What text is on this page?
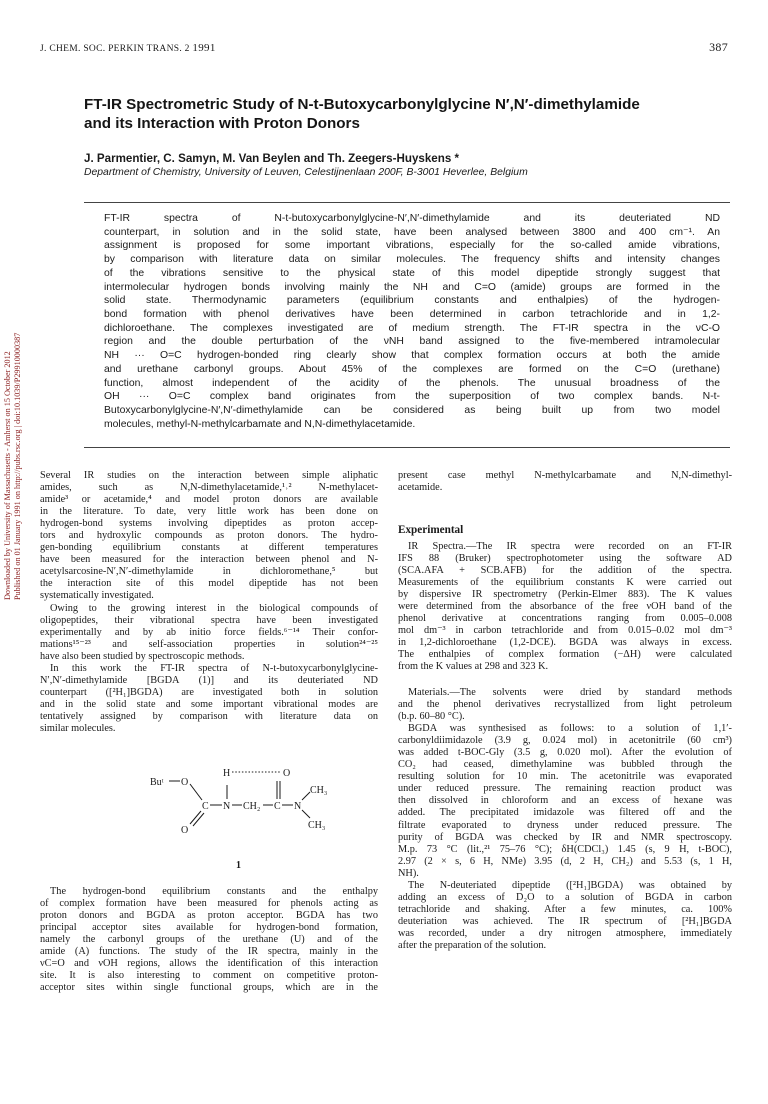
J. CHEM. SOC. PERKIN TRANS. 2 1991	387
FT-IR Spectrometric Study of N-t-Butoxycarbonylglycine N′,N′-dimethylamide
and its Interaction with Proton Donors
J. Parmentier, C. Samyn, M. Van Beylen and Th. Zeegers-Huyskens *
Department of Chemistry, University of Leuven, Celestijnenlaan 200F, B-3001 Heverlee, Belgium
FT-IR spectra of N-t-butoxycarbonylglycine-N′,N′-dimethylamide and its deuteriated ND
counterpart, in solution and in the solid state, have been analysed between 3800 and 400 cm⁻¹. An
assignment is proposed for some important vibrations, especially for the so-called amide vibrations,
by comparison with literature data on similar molecules. The frequency shifts and intensity changes
of the vibrations sensitive to the physical state of this model dipeptide strongly suggest that
intermolecular hydrogen bonds involving mainly the NH and C=O (amide) groups are formed in the
solid state. Thermodynamic parameters (equilibrium constants and enthalpies) of the hydrogen-
bond formation with phenol derivatives have been determined in carbon tetrachloride and in 1,2-
dichloroethane. The complexes investigated are of medium strength. The FT-IR spectra in the νC-O
region and the double perturbation of the νNH band assigned to the five-membered intramolecular
NH ··· O=C hydrogen-bonded ring clearly show that complex formation occurs at both the amide
and urethane carbonyl groups. About 45% of the complexes are formed on the C=O (urethane)
function, almost independent of the acidity of the phenols. The unusual broadness of the
OH ··· O=C complex band originates from the superposition of two complex bands. N-t-
Butoxycarbonylglycine-N′,N′-dimethylamide can be considered as being built up from two model
molecules, methyl-N-methylcarbamate and N,N-dimethylacetamide.
Downloaded by University of Massachusetts - Amherst on 15 October 2012 Published on 01 January 1991 on http://pubs.rsc.org | doi:10.1039/P29910000387 Several IR studies on the interaction between simple aliphatic
amides, such as N,N-dimethylacetamide,¹˒² N-methylacet-
amide³ or acetamide,⁴ and model proton donors are available
in the literature. To date, very little work has been done on
hydrogen-bond systems involving dipeptides as proton accep-
tors and hydroxylic compounds as proton donors. The hydro-
gen-bonding equilibrium constants at different temperatures
have been measured for the interaction between phenol and N-
acetylsarcosine-N′,N′-dimethylamide in dichloromethane,⁵ but
the interaction site of this model dipeptide has not been
systematically investigated.
Owing to the growing interest in the biological compounds of
oligopeptides, their vibrational spectra have been investigated
experimentally and by ab initio force fields.⁶⁻¹⁴ Their confor-
mations¹⁵⁻²³ and self-association properties in solution²⁴⁻²⁵
have also been studied by spectroscopic methods.
In this work the FT-IR spectra of N-t-butoxycarbonylglycine-
N′,N′-dimethylamide [BGDA (1)] and its deuteriated ND
counterpart ([²H₁]BGDA) are investigated both in solution
and in the solid state and some important vibrational modes are
tentatively assigned by comparison with literature data on
similar molecules.
Buᵗ O
C
O
N
H
CH₂ C
O
N
CH₃
CH₃
1
The hydrogen-bond equilibrium constants and the enthalpy
of complex formation have been measured for phenols acting as
proton donors and BGDA as proton acceptor. BGDA has two
principal acceptor sites available for hydrogen-bond formation,
namely the carbonyl groups of the urethane (U) and of the
amide (A) functions. The study of the IR spectra, mainly in the
νC=O and νOH regions, allows the identification of this interaction
site. It is also interesting to comment on competitive proton-
acceptor sites within single functional groups, which are in the
present case methyl N-methylcarbamate and N,N-dimethyl-
acetamide.
Experimental
IR Spectra.—The IR spectra were recorded on an FT-IR
IFS 88 (Bruker) spectrophotometer using the software AD
(SCA.AFA + SCB.AFB) for the addition of the spectra.
Measurements of the equilibrium constants K were carried out
by dispersive IR spectrometry (Perkin-Elmer 883). The K values
were determined from the absorbance of the free νOH band of the
phenol derivative at concentrations ranging from 0.005–0.008
mol dm⁻³ in carbon tetrachloride and from 0.015–0.02 mol dm⁻³
in 1,2-dichloroethane (1,2-DCE). BGDA was always in excess.
The enthalpies of complex formation (−ΔH) were calculated
from the K values at 298 and 323 K.
Materials.—The solvents were dried by standard methods
and the phenol derivatives recrystallized from light petroleum
(b.p. 60–80 °C).
BGDA was synthesised as follows: to a solution of 1,1′-
carbonyldiimidazole (3.9 g, 0.024 mol) in acetonitrile (60 cm³)
was added t-BOC-Gly (3.5 g, 0.020 mol). After the evolution of
CO₂ had ceased, dimethylamine was bubbled through the
resulting solution for 10 min. The acetonitrile was evaporated
under reduced pressure. The remaining reaction product was
then dissolved in chloroform and an excess of hexane was
added. The precipitated imidazole was filtered off and the
filtrate evaporated to dryness under reduced pressure. The
purity of BGDA was checked by IR and NMR spectroscopy.
M.p. 73 °C (lit.,²¹ 75–76 °C); δH(CDCl₃) 1.45 (s, 9 H, t-BOC),
2.97 (2 × s, 6 H, NMe) 3.95 (d, 2 H, CH₂) and 5.53 (s, 1 H,
NH).
The N-deuteriated dipeptide ([²H₁]BGDA) was obtained by
adding an excess of D₂O to a solution of BGDA in carbon
tetrachloride and shaking. After a few minutes, ca. 100%
deuteriation was achieved. The IR spectrum of [²H₁]BGDA
was recorded, under a dry nitrogen atmosphere, immediately
after the preparation of the solution.
